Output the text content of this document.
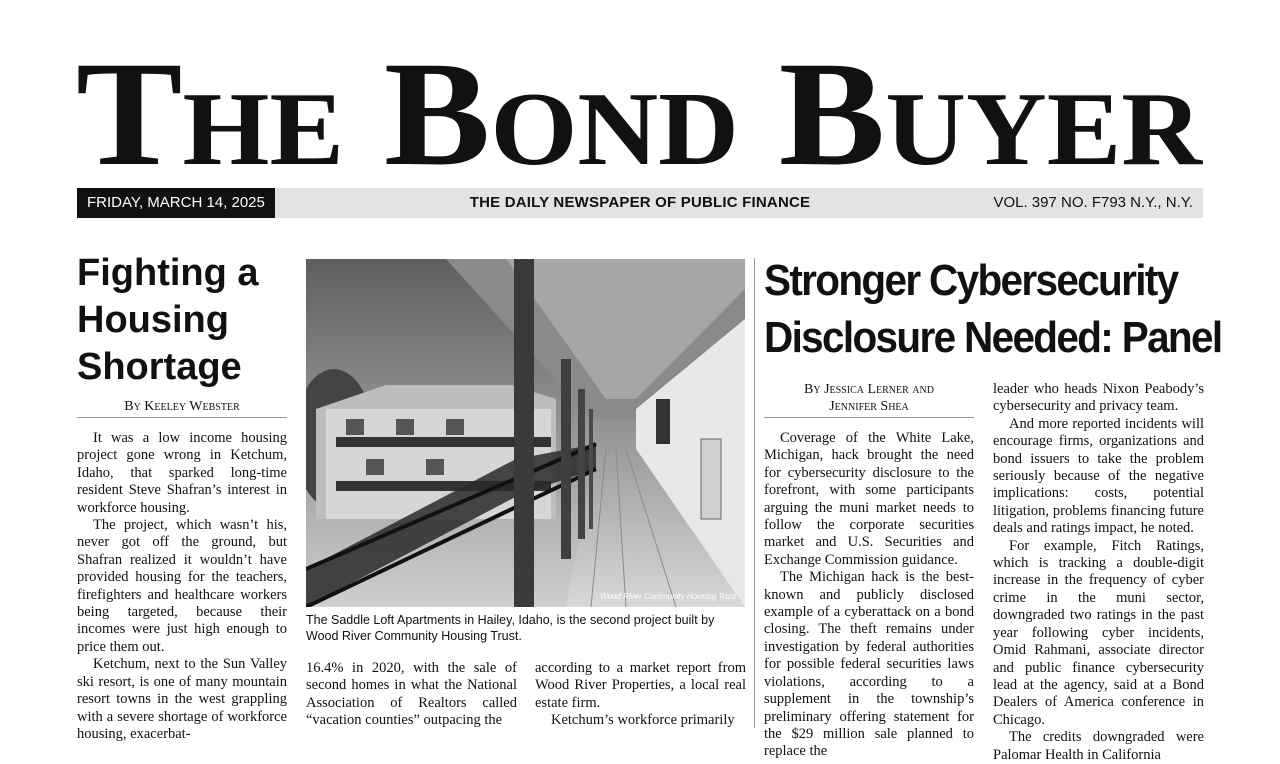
The Bond Buyer
THE DAILY NEWSPAPER OF PUBLIC FINANCE
FRIDAY, MARCH 14, 2025	VOL. 397 NO. F793 N.Y., N.Y.
Fighting a Housing Shortage
By Keeley Webster

It was a low income housing project gone wrong in Ketchum, Idaho, that sparked long-time resident Steve Shafran’s interest in workforce housing.

The project, which wasn’t his, never got off the ground, but Shafran realized it wouldn’t have provided housing for the teachers, firefighters and healthcare workers being targeted, because their incomes were just high enough to price them out.

Ketchum, next to the Sun Valley ski resort, is one of many mountain resort towns in the west grappling with a severe shortage of workforce housing, exacerbat-

Wood River Community Housing Trust
The Saddle Loft Apartments in Hailey, Idaho, is the second project built by Wood River Community Housing Trust.

16.4% in 2020, with the sale of second homes in what the National Association of Realtors called “vacation counties” outpacing the

according to a market report from Wood River Properties, a local real estate firm.

Ketchum’s workforce primarily

Stronger Cybersecurity
Disclosure Needed: Panel
By Jessica Lerner and
Jennifer Shea

Coverage of the White Lake, Michigan, hack brought the need for cybersecurity disclosure to the forefront, with some participants arguing the muni market needs to follow the corporate securities market and U.S. Securities and Exchange Commission guidance.

The Michigan hack is the best-known and publicly disclosed example of a cyberattack on a bond closing. The theft remains under investigation by federal authorities for possible federal securities laws violations, according to a supplement in the township’s preliminary offering statement for the $29 million sale planned to replace the

leader who heads Nixon Peabody’s cybersecurity and privacy team.

And more reported incidents will encourage firms, organizations and bond issuers to take the problem seriously because of the negative implications: costs, potential litigation, problems financing future deals and ratings impact, he noted.

For example, Fitch Ratings, which is tracking a double-digit increase in the frequency of cyber crime in the muni sector, downgraded two ratings in the past year following cyber incidents, Omid Rahmani, associate director and public finance cybersecurity lead at the agency, said at a Bond Dealers of America conference in Chicago.

The credits downgraded were Palomar Health in California
